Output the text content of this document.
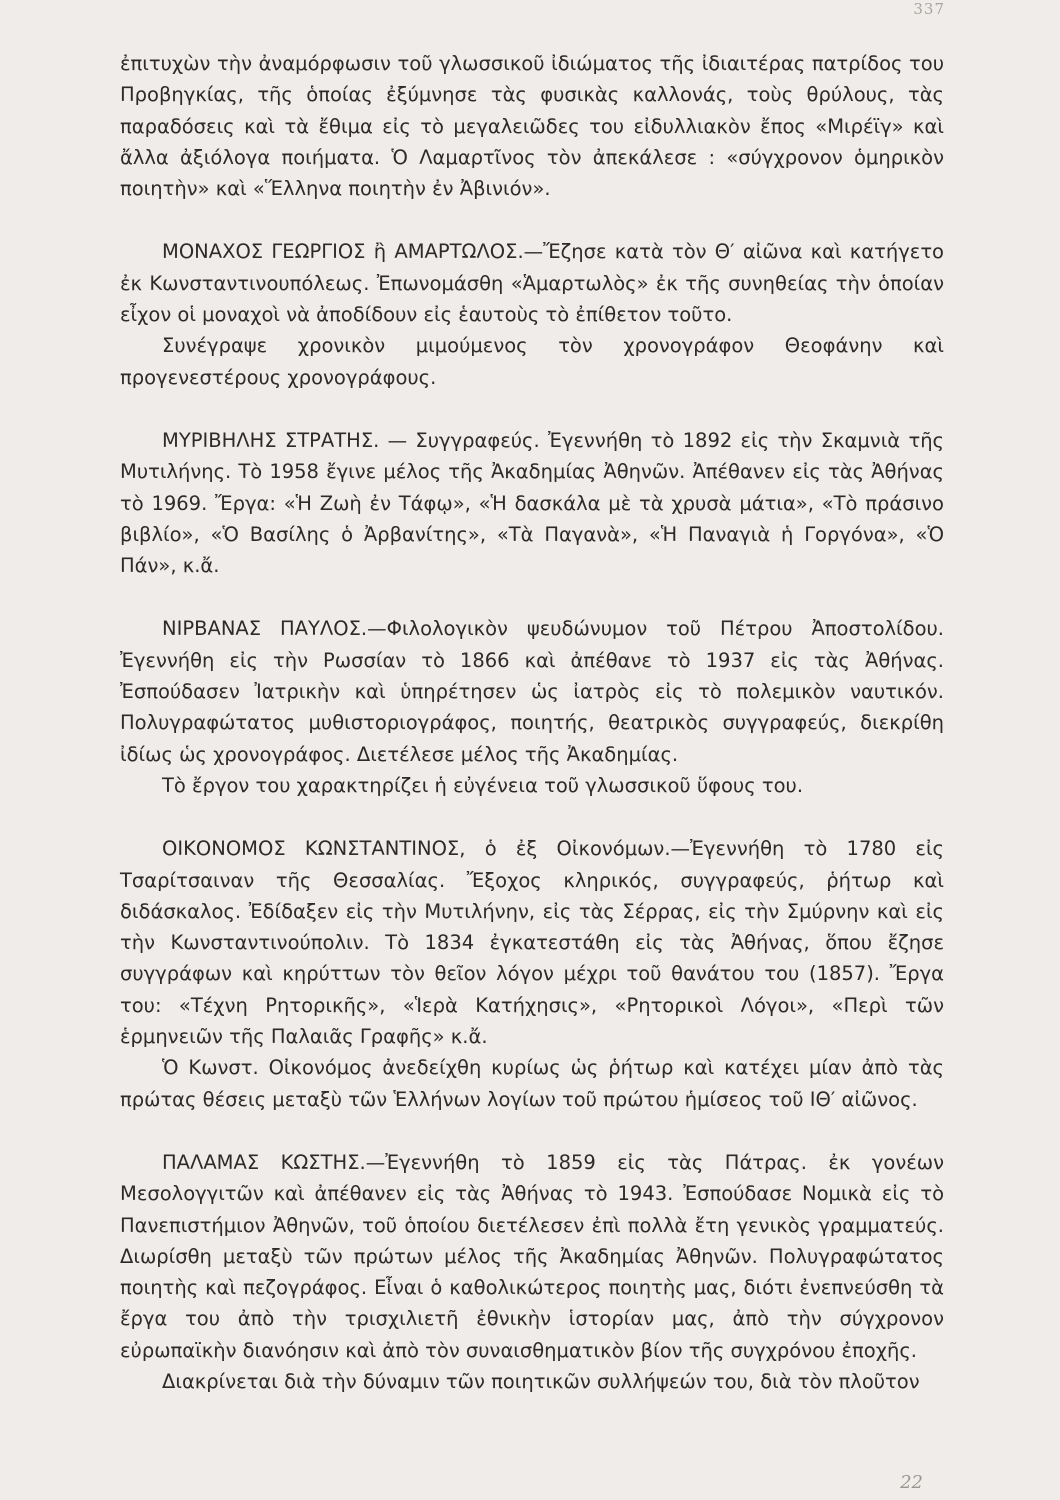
337

ἐπιτυχὼν τὴν ἀναμόρφωσιν τοῦ γλωσσικοῦ ἰδιώματος τῆς ἰδιαιτέρας πατρίδος του Προβηγκίας, τῆς ὁποίας ἐξύμνησε τὰς φυσικὰς καλλονάς, τοὺς θρύλους, τὰς παραδόσεις καὶ τὰ ἔθιμα εἰς τὸ μεγαλειῶδες του εἰδυλλιακὸν ἔπος «Μιρέϊγ» καὶ ἄλλα ἀξιόλογα ποιήματα. Ὁ Λαμαρτῖνος τὸν ἀπεκάλεσε : «σύγχρονον ὁμηρικὸν ποιητὴν» καὶ «Ἕλληνα ποιητὴν ἐν Ἀβινιόν».

ΜΟΝΑΧΟΣ ΓΕΩΡΓΙΟΣ ἢ ΑΜΑΡΤΩΛΟΣ.—Ἔζησε κατὰ τὸν Θ′ αἰῶνα καὶ κατήγετο ἐκ Κωνσταντινουπόλεως. Ἐπωνομάσθη «Ἁμαρτωλὸς» ἐκ τῆς συνηθείας τὴν ὁποίαν εἶχον οἱ μοναχοὶ νὰ ἀποδίδουν εἰς ἑαυτοὺς τὸ ἐπίθετον τοῦτο.

Συνέγραψε χρονικὸν μιμούμενος τὸν χρονογράφον Θεοφάνην καὶ προγενεστέρους χρονογράφους.

ΜΥΡΙΒΗΛΗΣ ΣΤΡΑΤΗΣ. — Συγγραφεύς. Ἐγεννήθη τὸ 1892 εἰς τὴν Σκαμνιὰ τῆς Μυτιλήνης. Τὸ 1958 ἔγινε μέλος τῆς Ἀκαδημίας Ἀθηνῶν. Ἀπέθανεν εἰς τὰς Ἀθήνας τὸ 1969. Ἔργα: «Ἡ Ζωὴ ἐν Τάφῳ», «Ἡ δασκάλα μὲ τὰ χρυσὰ μάτια», «Τὸ πράσινο βιβλίο», «Ὁ Βασίλης ὁ Ἀρβανίτης», «Τὰ Παγανὰ», «Ἡ Παναγιὰ ἡ Γοργόνα», «Ὁ Πάν», κ.ἄ.

ΝΙΡΒΑΝΑΣ ΠΑΥΛΟΣ.—Φιλολογικὸν ψευδώνυμον τοῦ Πέτρου Ἀποστολίδου. Ἐγεννήθη εἰς τὴν Ρωσσίαν τὸ 1866 καὶ ἀπέθανε τὸ 1937 εἰς τὰς Ἀθήνας. Ἐσπούδασεν Ἰατρικὴν καὶ ὑπηρέτησεν ὡς ἰατρὸς εἰς τὸ πολεμικὸν ναυτικόν. Πολυγραφώτατος μυθιστοριογράφος, ποιητής, θεατρικὸς συγγραφεύς, διεκρίθη ἰδίως ὡς χρονογράφος. Διετέλεσε μέλος τῆς Ἀκαδημίας.

Τὸ ἔργον του χαρακτηρίζει ἡ εὐγένεια τοῦ γλωσσικοῦ ὕφους του.

ΟΙΚΟΝΟΜΟΣ ΚΩΝΣΤΑΝΤΙΝΟΣ, ὁ ἐξ Οἰκονόμων.—Ἐγεννήθη τὸ 1780 εἰς Τσαρίτσαιναν τῆς Θεσσαλίας. Ἔξοχος κληρικός, συγγραφεύς, ῥήτωρ καὶ διδάσκαλος. Ἐδίδαξεν εἰς τὴν Μυτιλήνην, εἰς τὰς Σέρρας, εἰς τὴν Σμύρνην καὶ εἰς τὴν Κωνσταντινούπολιν. Τὸ 1834 ἐγκατεστάθη εἰς τὰς Ἀθήνας, ὅπου ἔζησε συγγράφων καὶ κηρύττων τὸν θεῖον λόγον μέχρι τοῦ θανάτου του (1857). Ἔργα του: «Τέχνη Ρητορικῆς», «Ἱερὰ Κατήχησις», «Ρητορικοὶ Λόγοι», «Περὶ τῶν ἑρμηνειῶν τῆς Παλαιᾶς Γραφῆς» κ.ἄ.

Ὁ Κωνστ. Οἰκονόμος ἀνεδείχθη κυρίως ὡς ῥήτωρ καὶ κατέχει μίαν ἀπὸ τὰς πρώτας θέσεις μεταξὺ τῶν Ἑλλήνων λογίων τοῦ πρώτου ἡμίσεος τοῦ ΙΘ′ αἰῶνος.

ΠΑΛΑΜΑΣ ΚΩΣΤΗΣ.—Ἐγεννήθη τὸ 1859 εἰς τὰς Πάτρας. ἐκ γονέων Μεσολογγιτῶν καὶ ἀπέθανεν εἰς τὰς Ἀθήνας τὸ 1943. Ἐσπούδασε Νομικὰ εἰς τὸ Πανεπιστήμιον Ἀθηνῶν, τοῦ ὁποίου διετέλεσεν ἐπὶ πολλὰ ἔτη γενικὸς γραμματεύς. Διωρίσθη μεταξὺ τῶν πρώτων μέλος τῆς Ἀκαδημίας Ἀθηνῶν. Πολυγραφώτατος ποιητὴς καὶ πεζογράφος. Εἶναι ὁ καθολικώτερος ποιητὴς μας, διότι ἐνεπνεύσθη τὰ ἔργα του ἀπὸ τὴν τρισχιλιετῆ ἐθνικὴν ἱστορίαν μας, ἀπὸ τὴν σύγχρονον εὐρωπαϊκὴν διανόησιν καὶ ἀπὸ τὸν συναισθηματικὸν βίον τῆς συγχρόνου ἐποχῆς.

Διακρίνεται διὰ τὴν δύναμιν τῶν ποιητικῶν συλλήψεών του, διὰ τὸν πλοῦτον

22
